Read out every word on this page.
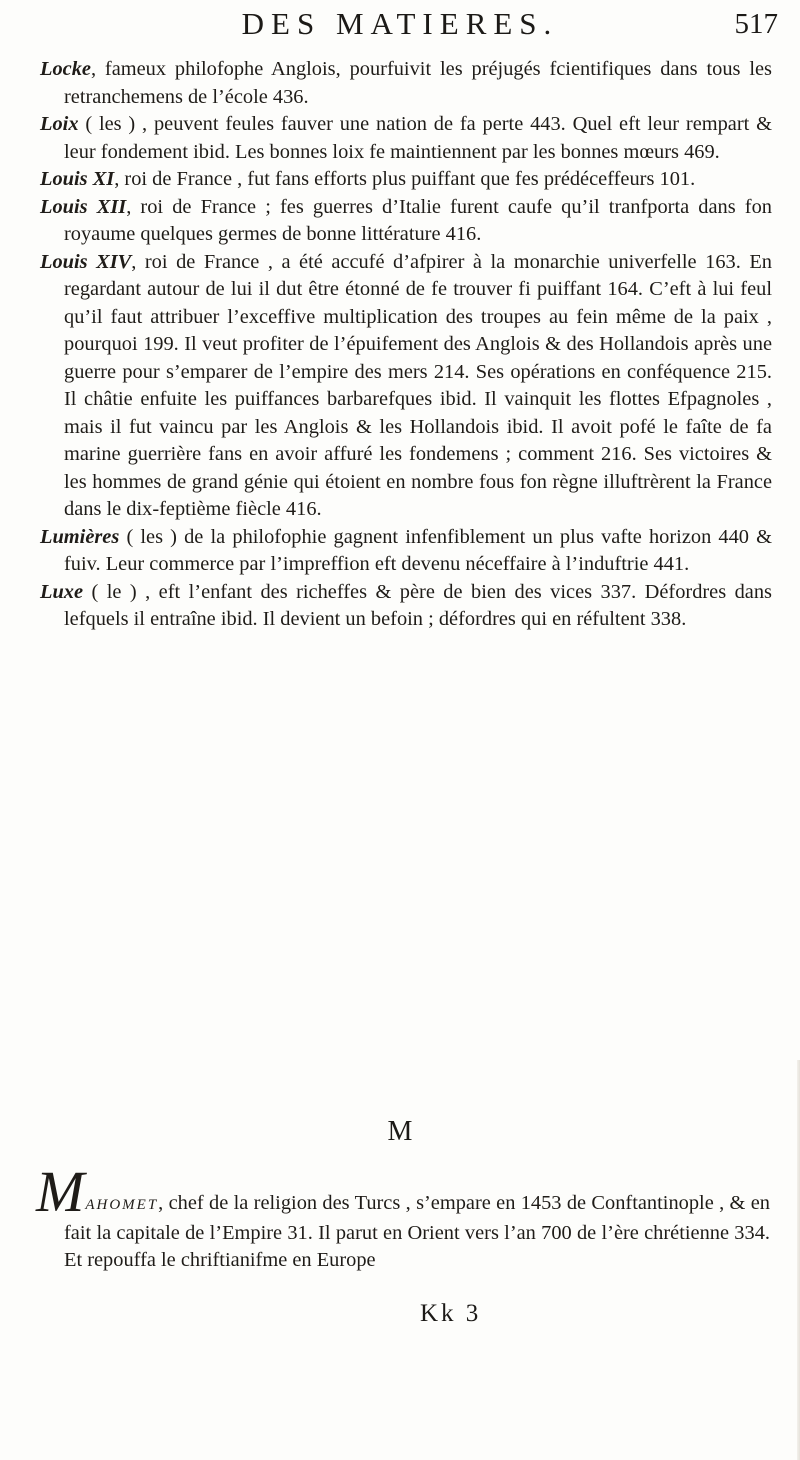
DES MATIERES.	517
Locke, fameux philofophe Anglois, pourfuivit les préjugés fcientifiques dans tous les retranchemens de l’école 436.
Loix ( les ) , peuvent feules fauver une nation de fa perte 443. Quel eft leur rempart & leur fondement ibid. Les bonnes loix fe maintiennent par les bonnes mœurs 469.
Louis XI, roi de France , fut fans efforts plus puiffant que fes prédéceffeurs 101.
Louis XII, roi de France ; fes guerres d’Italie furent caufe qu’il tranfporta dans fon royaume quelques germes de bonne littérature 416.
Louis XIV, roi de France , a été accufé d’afpirer à la monarchie univerfelle 163. En regardant autour de lui il dut être étonné de fe trouver fi puiffant 164. C’eft à lui feul qu’il faut attribuer l’exceffive multiplication des troupes au fein même de la paix , pourquoi 199. Il veut profiter de l’épuifement des Anglois & des Hollandois après une guerre pour s’emparer de l’empire des mers 214. Ses opérations en conféquence 215. Il châtie enfuite les puiffances barbarefques ibid. Il vainquit les flottes Efpagnoles , mais il fut vaincu par les Anglois & les Hollandois ibid. Il avoit pofé le faîte de fa marine guerrière fans en avoir affuré les fondemens ; comment 216. Ses victoires & les hommes de grand génie qui étoient en nombre fous fon règne illuftrèrent la France dans le dix-feptième fiècle 416.
Lumières ( les ) de la philofophie gagnent infenfiblement un plus vafte horizon 440 & fuiv. Leur commerce par l’impreffion eft devenu néceffaire à l’induftrie 441.
Luxe ( le ) , eft l’enfant des richeffes & père de bien des vices 337. Défordres dans lefquels il entraîne ibid. Il devient un befoin ; défordres qui en réfultent 338.
M

MAHOMET, chef de la religion des Turcs , s’empare en 1453 de Conftantinople , & en fait la capitale de l’Empire 31. Il parut en Orient vers l’an 700 de l’ère chrétienne 334. Et repouffa le chriftianifme en Europe

Kk 3
